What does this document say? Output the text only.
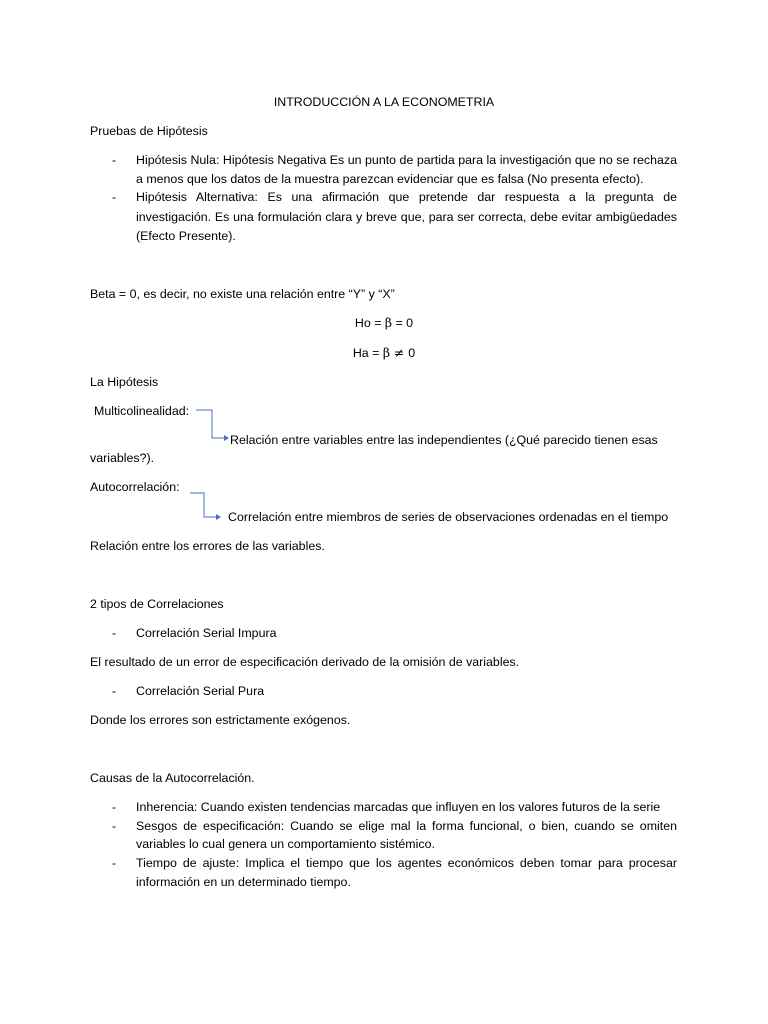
INTRODUCCIÓN A LA ECONOMETRIA
Pruebas de Hipótesis
- Hipótesis Nula: Hipótesis Negativa Es un punto de partida para la investigación que no se rechaza
a menos que los datos de la muestra parezcan evidenciar que es falsa (No presenta efecto).
- Hipótesis Alternativa: Es una afirmación que pretende dar respuesta a la pregunta de
investigación. Es una formulación clara y breve que, para ser correcta, debe evitar ambigüedades
(Efecto Presente).
Beta = 0, es decir, no existe una relación entre “Y” y “X”
Ho = β = 0
Ha = β ≠ 0
La Hipótesis
Multicolinealidad:
Relación entre variables entre las independientes (¿Qué parecido tienen esas
variables?).
Autocorrelación:
Correlación entre miembros de series de observaciones ordenadas en el tiempo
Relación entre los errores de las variables.
2 tipos de Correlaciones
- Correlación Serial Impura
El resultado de un error de especificación derivado de la omisión de variables.
- Correlación Serial Pura
Donde los errores son estrictamente exógenos.
Causas de la Autocorrelación.
- Inherencia: Cuando existen tendencias marcadas que influyen en los valores futuros de la serie
- Sesgos de especificación: Cuando se elige mal la forma funcional, o bien, cuando se omiten
variables lo cual genera un comportamiento sistémico.
- Tiempo de ajuste: Implica el tiempo que los agentes económicos deben tomar para procesar
información en un determinado tiempo.
